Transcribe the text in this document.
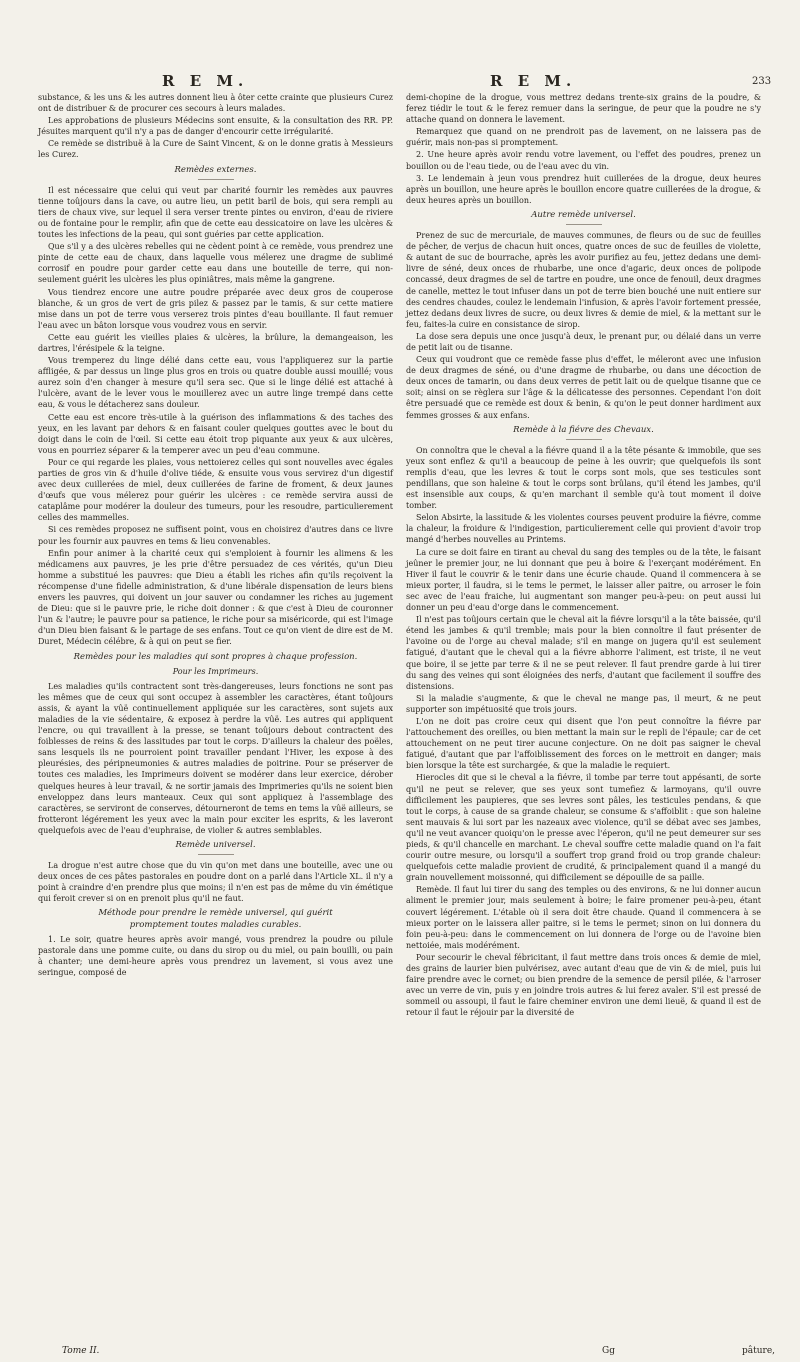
R E M.	R E M.	233

substance, & les uns & les autres donnent lieu à ôter cette crainte que plusieurs Curez ont de distribuer & de procurer ces secours à leurs malades.

Les approbations de plusieurs Médecins sont ensuite, & la consultation des RR. PP. Jésuites marquent qu'il n'y a pas de danger d'encourir cette irrégularité.

Ce remède se distribuë à la Cure de Saint Vincent, & on le donne gratis à Messieurs les Curez.

Remèdes externes.

Il est nécessaire que celui qui veut par charité fournir les remèdes aux pauvres tienne toûjours dans la cave, ou autre lieu, un petit baril de bois, qui sera rempli au tiers de chaux vive, sur lequel il sera verser trente pintes ou environ, d'eau de riviere ou de fontaine pour le remplir, afin que de cette eau dessicatoire on lave les ulcères & toutes les infections de la peau, qui sont guéries par cette application.

Que s'il y a des ulcères rebelles qui ne cèdent point à ce remède, vous prendrez une pinte de cette eau de chaux, dans laquelle vous mélerez une dragme de sublimé corrosif en poudre pour garder cette eau dans une bouteille de terre, qui non-seulement guérit les ulcères les plus opiniâtres, mais même la gangrene.

Vous tiendrez encore une autre poudre préparée avec deux gros de couperose blanche, & un gros de vert de gris pilez & passez par le tamis, & sur cette matiere mise dans un pot de terre vous verserez trois pintes d'eau bouillante. Il faut remuer l'eau avec un bâton lorsque vous voudrez vous en servir.

Cette eau guérit les vieilles plaies & ulcères, la brûlure, la demangeaison, les dartres, l'érésipele & la teigne.

Vous tremperez du linge délié dans cette eau, vous l'appliquerez sur la partie affligée, & par dessus un linge plus gros en trois ou quatre double aussi mouillé; vous aurez soin d'en changer à mesure qu'il sera sec. Que si le linge délié est attaché à l'ulcère, avant de le lever vous le mouillerez avec un autre linge trempé dans cette eau, & vous le détacherez sans douleur.

Cette eau est encore très-utile à la guérison des inflammations & des taches des yeux, en les lavant par dehors & en faisant couler quelques gouttes avec le bout du doigt dans le coin de l'œil. Si cette eau étoit trop piquante aux yeux & aux ulcères, vous en pourriez séparer & la temperer avec un peu d'eau commune.

Pour ce qui regarde les plaies, vous nettoierez celles qui sont nouvelles avec égales parties de gros vin & d'huile d'olive tiéde, & ensuite vous vous servirez d'un digestif avec deux cuillerées de miel, deux cuillerées de farine de froment, & deux jaunes d'œufs que vous mélerez pour guérir les ulcères : ce remède servira aussi de cataplâme pour modérer la douleur des tumeurs, pour les resoudre, particulierement celles des mammelles.

Si ces remèdes proposez ne suffisent point, vous en choisirez d'autres dans ce livre pour les fournir aux pauvres en tems & lieu convenables.

Enfin pour animer à la charité ceux qui s'emploient à fournir les alimens & les médicamens aux pauvres, je les prie d'être persuadez de ces vérités, qu'un Dieu homme a substitué les pauvres: que Dieu a établi les riches afin qu'ils reçoivent la récompense d'une fidelle administration, & d'une libérale dispensation de leurs biens envers les pauvres, qui doivent un jour sauver ou condamner les riches au jugement de Dieu: que si le pauvre prie, le riche doit donner : & que c'est à Dieu de couronner l'un & l'autre; le pauvre pour sa patience, le riche pour sa miséricorde, qui est l'image d'un Dieu bien faisant & le partage de ses enfans. Tout ce qu'on vient de dire est de M. Duret, Médecin célébre, & à qui on peut se fier.

Remèdes pour les maladies qui sont propres à chaque profession.
Pour les Imprimeurs.

Les maladies qu'ils contractent sont très-dangereuses, leurs fonctions ne sont pas les mêmes que de ceux qui sont occupez à assembler les caractères, étant toûjours assis, & ayant la vûë continuellement appliquée sur les caractères, sont sujets aux maladies de la vie sédentaire, & exposez à perdre la vûë. Les autres qui appliquent l'encre, ou qui travaillent à la presse, se tenant toûjours debout contractent des foiblesses de reins & des lassitudes par tout le corps. D'ailleurs la chaleur des poëles, sans lesquels ils ne pourroient point travailler pendant l'Hiver, les expose à des pleurésies, des péripneumonies & autres maladies de poitrine. Pour se préserver de toutes ces maladies, les Imprimeurs doivent se modérer dans leur exercice, dérober quelques heures à leur travail, & ne sortir jamais des Imprimeries qu'ils ne soient bien enveloppez dans leurs manteaux. Ceux qui sont appliquez à l'assemblage des caractères, se serviront de conserves, détourneront de tems en tems la vûë ailleurs, se frotteront légérement les yeux avec la main pour exciter les esprits, & les laveront quelquefois avec de l'eau d'euphraise, de violier & autres semblables.

Remède universel.

La drogue n'est autre chose que du vin qu'on met dans une bouteille, avec une ou deux onces de ces pâtes pastorales en poudre dont on a parlé dans l'Article XL. il n'y a point à craindre d'en prendre plus que moins; il n'en est pas de même du vin émétique qui feroit crever si on en prenoit plus qu'il ne faut.

Méthode pour prendre le remède universel, qui guérit
promptement toutes maladies curables.

1. Le soir, quatre heures après avoir mangé, vous prendrez la poudre ou pilule pastorale dans une pomme cuite, ou dans du sirop ou du miel, ou pain bouilli, ou pain à chanter; une demi-heure après vous prendrez un lavement, si vous avez une seringue, composé de

demi-chopine de la drogue, vous mettrez dedans trente-six grains de la poudre, & ferez tiédir le tout & le ferez remuer dans la seringue, de peur que la poudre ne s'y attache quand on donnera le lavement.

Remarquez que quand on ne prendroit pas de lavement, on ne laissera pas de guérir, mais non-pas si promptement.

2. Une heure après avoir rendu votre lavement, ou l'effet des poudres, prenez un bouillon ou de l'eau tiede, ou de l'eau avec du vin.

3. Le lendemain à jeun vous prendrez huit cuillerées de la drogue, deux heures après un bouillon, une heure après le bouillon encore quatre cuillerées de la drogue, & deux heures après un bouillon.

Autre remède universel.

Prenez de suc de mercuriale, de mauves communes, de fleurs ou de suc de feuilles de pêcher, de verjus de chacun huit onces, quatre onces de suc de feuilles de violette, & autant de suc de bourrache, après les avoir purifiez au feu, jettez dedans une demi-livre de séné, deux onces de rhubarbe, une once d'agaric, deux onces de polipode concassé, deux dragmes de sel de tartre en poudre, une once de fenouil, deux dragmes de canelle, mettez le tout infuser dans un pot de terre bien bouché une nuit entiere sur des cendres chaudes, coulez le lendemain l'infusion, & après l'avoir fortement pressée, jettez dedans deux livres de sucre, ou deux livres & demie de miel, & la mettant sur le feu, faites-la cuire en consistance de sirop.

La dose sera depuis une once jusqu'à deux, le prenant pur, ou délaié dans un verre de petit lait ou de tisanne.

Ceux qui voudront que ce remède fasse plus d'effet, le méleront avec une infusion de deux dragmes de séné, ou d'une dragme de rhubarbe, ou dans une décoction de deux onces de tamarin, ou dans deux verres de petit lait ou de quelque tisanne que ce soit; ainsi on se règlera sur l'âge & la délicatesse des personnes. Cependant l'on doit être persuadé que ce remède est doux & benin, & qu'on le peut donner hardiment aux femmes grosses & aux enfans.

Remède à la fiévre des Chevaux.

On connoîtra que le cheval a la fiévre quand il a la tête pésante & immobile, que ses yeux sont enflez & qu'il a beaucoup de peine à les ouvrir; que quelquefois ils sont remplis d'eau, que les levres & tout le corps sont mols, que ses testicules sont pendillans, que son haleine & tout le corps sont brûlans, qu'il étend les jambes, qu'il est insensible aux coups, & qu'en marchant il semble qu'à tout moment il doive tomber.

Selon Absirte, la lassitude & les violentes courses peuvent produire la fiévre, comme la chaleur, la froidure & l'indigestion, particulierement celle qui provient d'avoir trop mangé d'herbes nouvelles au Printems.

La cure se doit faire en tirant au cheval du sang des temples ou de la tête, le faisant jeûner le premier jour, ne lui donnant que peu à boire & l'exerçant modérément. En Hiver il faut le couvrir & le tenir dans une écurie chaude. Quand il commencera à se mieux porter, il faudra, si le tems le permet, le laisser aller paitre, ou arroser le foin sec avec de l'eau fraiche, lui augmentant son manger peu-à-peu: on peut aussi lui donner un peu d'eau d'orge dans le commencement.

Il n'est pas toûjours certain que le cheval ait la fiévre lorsqu'il a la tête baissée, qu'il étend les jambes & qu'il tremble; mais pour la bien connoître il faut présenter de l'avoine ou de l'orge au cheval malade; s'il en mange on jugera qu'il est seulement fatigué, d'autant que le cheval qui a la fiévre abhorre l'aliment, est triste, il ne veut que boire, il se jette par terre & il ne se peut relever. Il faut prendre garde à lui tirer du sang des veines qui sont éloignées des nerfs, d'autant que facilement il souffre des distensions.

Si la maladie s'augmente, & que le cheval ne mange pas, il meurt, & ne peut supporter son impétuosité que trois jours.

L'on ne doit pas croire ceux qui disent que l'on peut connoître la fiévre par l'attouchement des oreilles, ou bien mettant la main sur le repli de l'épaule; car de cet attouchement on ne peut tirer aucune conjecture. On ne doit pas saigner le cheval fatigué, d'autant que par l'affoiblissement des forces on le mettroit en danger; mais bien lorsque la tête est surchargée, & que la maladie le requiert.

Hierocles dit que si le cheval a la fiévre, il tombe par terre tout appésanti, de sorte qu'il ne peut se relever, que ses yeux sont tumefiez & larmoyans, qu'il ouvre difficilement les paupieres, que ses levres sont pâles, les testicules pendans, & que tout le corps, à cause de sa grande chaleur, se consume & s'affoiblit : que son haleine sent mauvais & lui sort par les nazeaux avec violence, qu'il se débat avec ses jambes, qu'il ne veut avancer quoiqu'on le presse avec l'éperon, qu'il ne peut demeurer sur ses pieds, & qu'il chancelle en marchant. Le cheval souffre cette maladie quand on l'a fait courir outre mesure, ou lorsqu'il a souffert trop grand froid ou trop grande chaleur: quelquefois cette maladie provient de crudité, & principalement quand il a mangé du grain nouvellement moissonné, qui difficilement se dépouille de sa paille.

Remède. Il faut lui tirer du sang des temples ou des environs, & ne lui donner aucun aliment le premier jour, mais seulement à boire; le faire promener peu-à-peu, étant couvert légérement. L'étable où il sera doit être chaude. Quand il commencera à se mieux porter on le laissera aller paitre, si le tems le permet; sinon on lui donnera du foin peu-à-peu: dans le commencement on lui donnera de l'orge ou de l'avoine bien nettoiée, mais modérément.

Pour secourir le cheval fébricitant, il faut mettre dans trois onces & demie de miel, des grains de laurier bien pulvérisez, avec autant d'eau que de vin & de miel, puis lui faire prendre avec le cornet; ou bien prendre de la semence de persil pilée, & l'arroser avec un verre de vin, puis y en joindre trois autres & lui ferez avaler. S'il est pressé de sommeil ou assoupi, il faut le faire cheminer environ une demi lieuë, & quand il est de retour il faut le réjouir par la diversité de

Tome II.	Gg	pâture,
